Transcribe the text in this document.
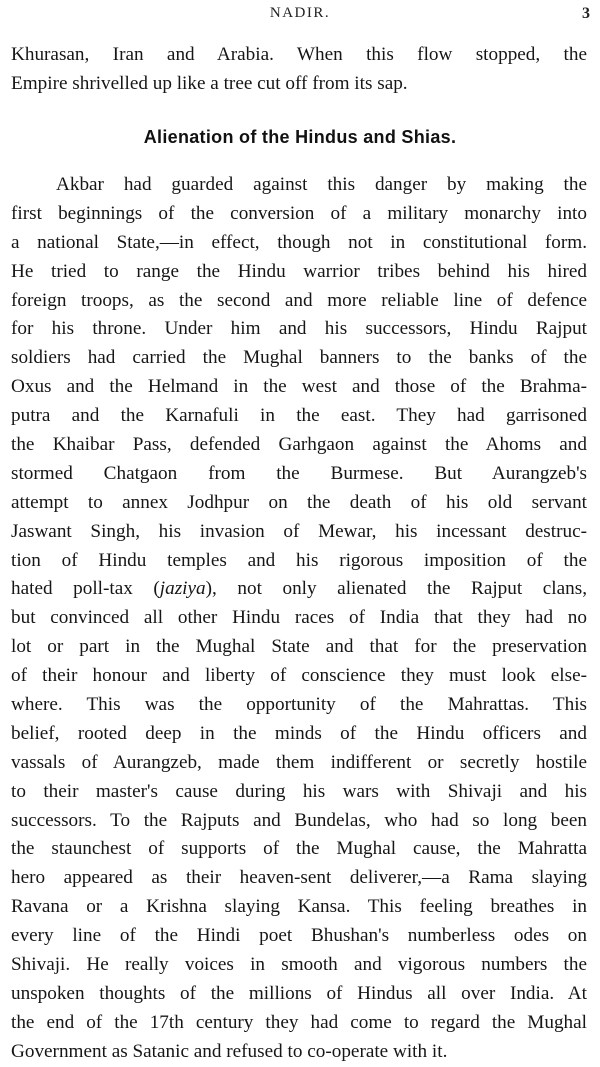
NADIR.	3
Khurasan, Iran and Arabia. When this flow stopped, the
Empire shrivelled up like a tree cut off from its sap.
Alienation of the Hindus and Shias.
Akbar had guarded against this danger by making the
first beginnings of the conversion of a military monarchy into
a national State,—in effect, though not in constitutional form.
He tried to range the Hindu warrior tribes behind his hired
foreign troops, as the second and more reliable line of defence
for his throne. Under him and his successors, Hindu Rajput
soldiers had carried the Mughal banners to the banks of the
Oxus and the Helmand in the west and those of the Brahma-
putra and the Karnafuli in the east. They had garrisoned
the Khaibar Pass, defended Garhgaon against the Ahoms and
stormed Chatgaon from the Burmese. But Aurangzeb's
attempt to annex Jodhpur on the death of his old servant
Jaswant Singh, his invasion of Mewar, his incessant destruc-
tion of Hindu temples and his rigorous imposition of the
hated poll-tax (jaziya), not only alienated the Rajput clans,
but convinced all other Hindu races of India that they had no
lot or part in the Mughal State and that for the preservation
of their honour and liberty of conscience they must look else-
where. This was the opportunity of the Mahrattas. This
belief, rooted deep in the minds of the Hindu officers and
vassals of Aurangzeb, made them indifferent or secretly hostile
to their master's cause during his wars with Shivaji and his
successors. To the Rajputs and Bundelas, who had so long been
the staunchest of supports of the Mughal cause, the Mahratta
hero appeared as their heaven-sent deliverer,—a Rama slaying
Ravana or a Krishna slaying Kansa. This feeling breathes in
every line of the Hindi poet Bhushan's numberless odes on
Shivaji. He really voices in smooth and vigorous numbers the
unspoken thoughts of the millions of Hindus all over India. At
the end of the 17th century they had come to regard the Mughal
Government as Satanic and refused to co-operate with it.
